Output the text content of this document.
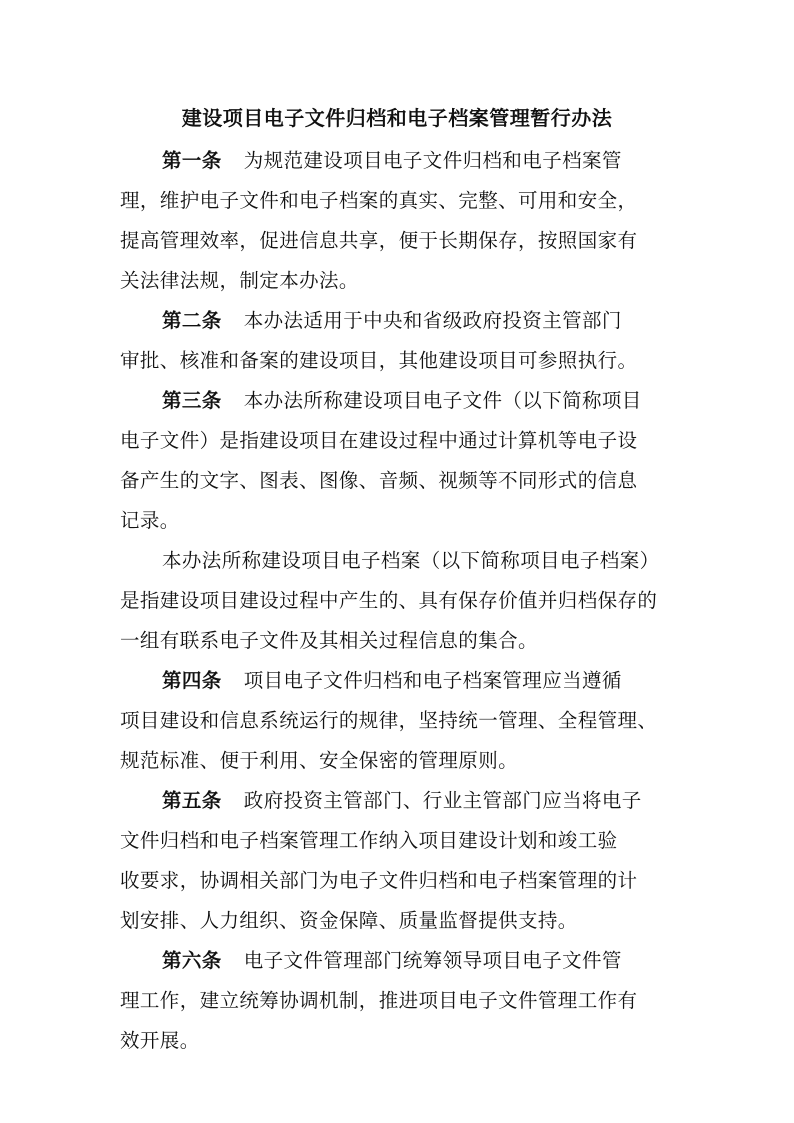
建设项目电子文件归档和电子档案管理暂行办法
第一条 为规范建设项目电子文件归档和电子档案管
理，维护电子文件和电子档案的真实、完整、可用和安全，
提高管理效率，促进信息共享，便于长期保存，按照国家有
关法律法规，制定本办法。
第二条 本办法适用于中央和省级政府投资主管部门
审批、核准和备案的建设项目，其他建设项目可参照执行。
第三条 本办法所称建设项目电子文件（以下简称项目
电子文件）是指建设项目在建设过程中通过计算机等电子设
备产生的文字、图表、图像、音频、视频等不同形式的信息
记录。
本办法所称建设项目电子档案（以下简称项目电子档案）
是指建设项目建设过程中产生的、具有保存价值并归档保存的
一组有联系电子文件及其相关过程信息的集合。
第四条 项目电子文件归档和电子档案管理应当遵循
项目建设和信息系统运行的规律，坚持统一管理、全程管理、
规范标准、便于利用、安全保密的管理原则。
第五条 政府投资主管部门、行业主管部门应当将电子
文件归档和电子档案管理工作纳入项目建设计划和竣工验
收要求，协调相关部门为电子文件归档和电子档案管理的计
划安排、人力组织、资金保障、质量监督提供支持。
第六条 电子文件管理部门统筹领导项目电子文件管
理工作，建立统筹协调机制，推进项目电子文件管理工作有
效开展。
